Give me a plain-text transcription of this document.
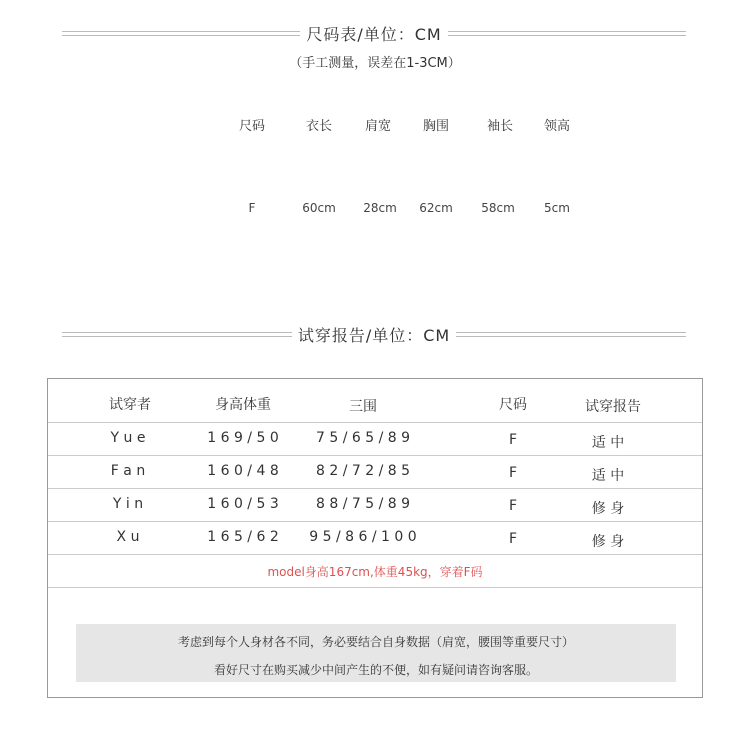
尺码表/单位：CM
（手工测量，误差在1-3CM）
尺码	衣长	肩宽	胸围	袖长	领高
F	60cm	28cm	62cm	58cm	5cm
试穿报告/单位：CM
试穿者	身高体重	三围	尺码	试穿报告
Y u e	1 6 9 / 5 0	7 5 / 6 5 / 8 9	F	适 中
F a n	1 6 0 / 4 8	8 2 / 7 2 / 8 5	F	适 中
Y i n	1 6 0 / 5 3	8 8 / 7 5 / 8 9	F	修 身
X u	1 6 5 / 6 2	9 5 / 8 6 / 1 0 0	F	修 身
model身高167cm,体重45kg，穿着F码
考虑到每个人身材各不同，务必要结合自身数据（肩宽，腰围等重要尺寸）
看好尺寸在购买减少中间产生的不便，如有疑问请咨询客服。
